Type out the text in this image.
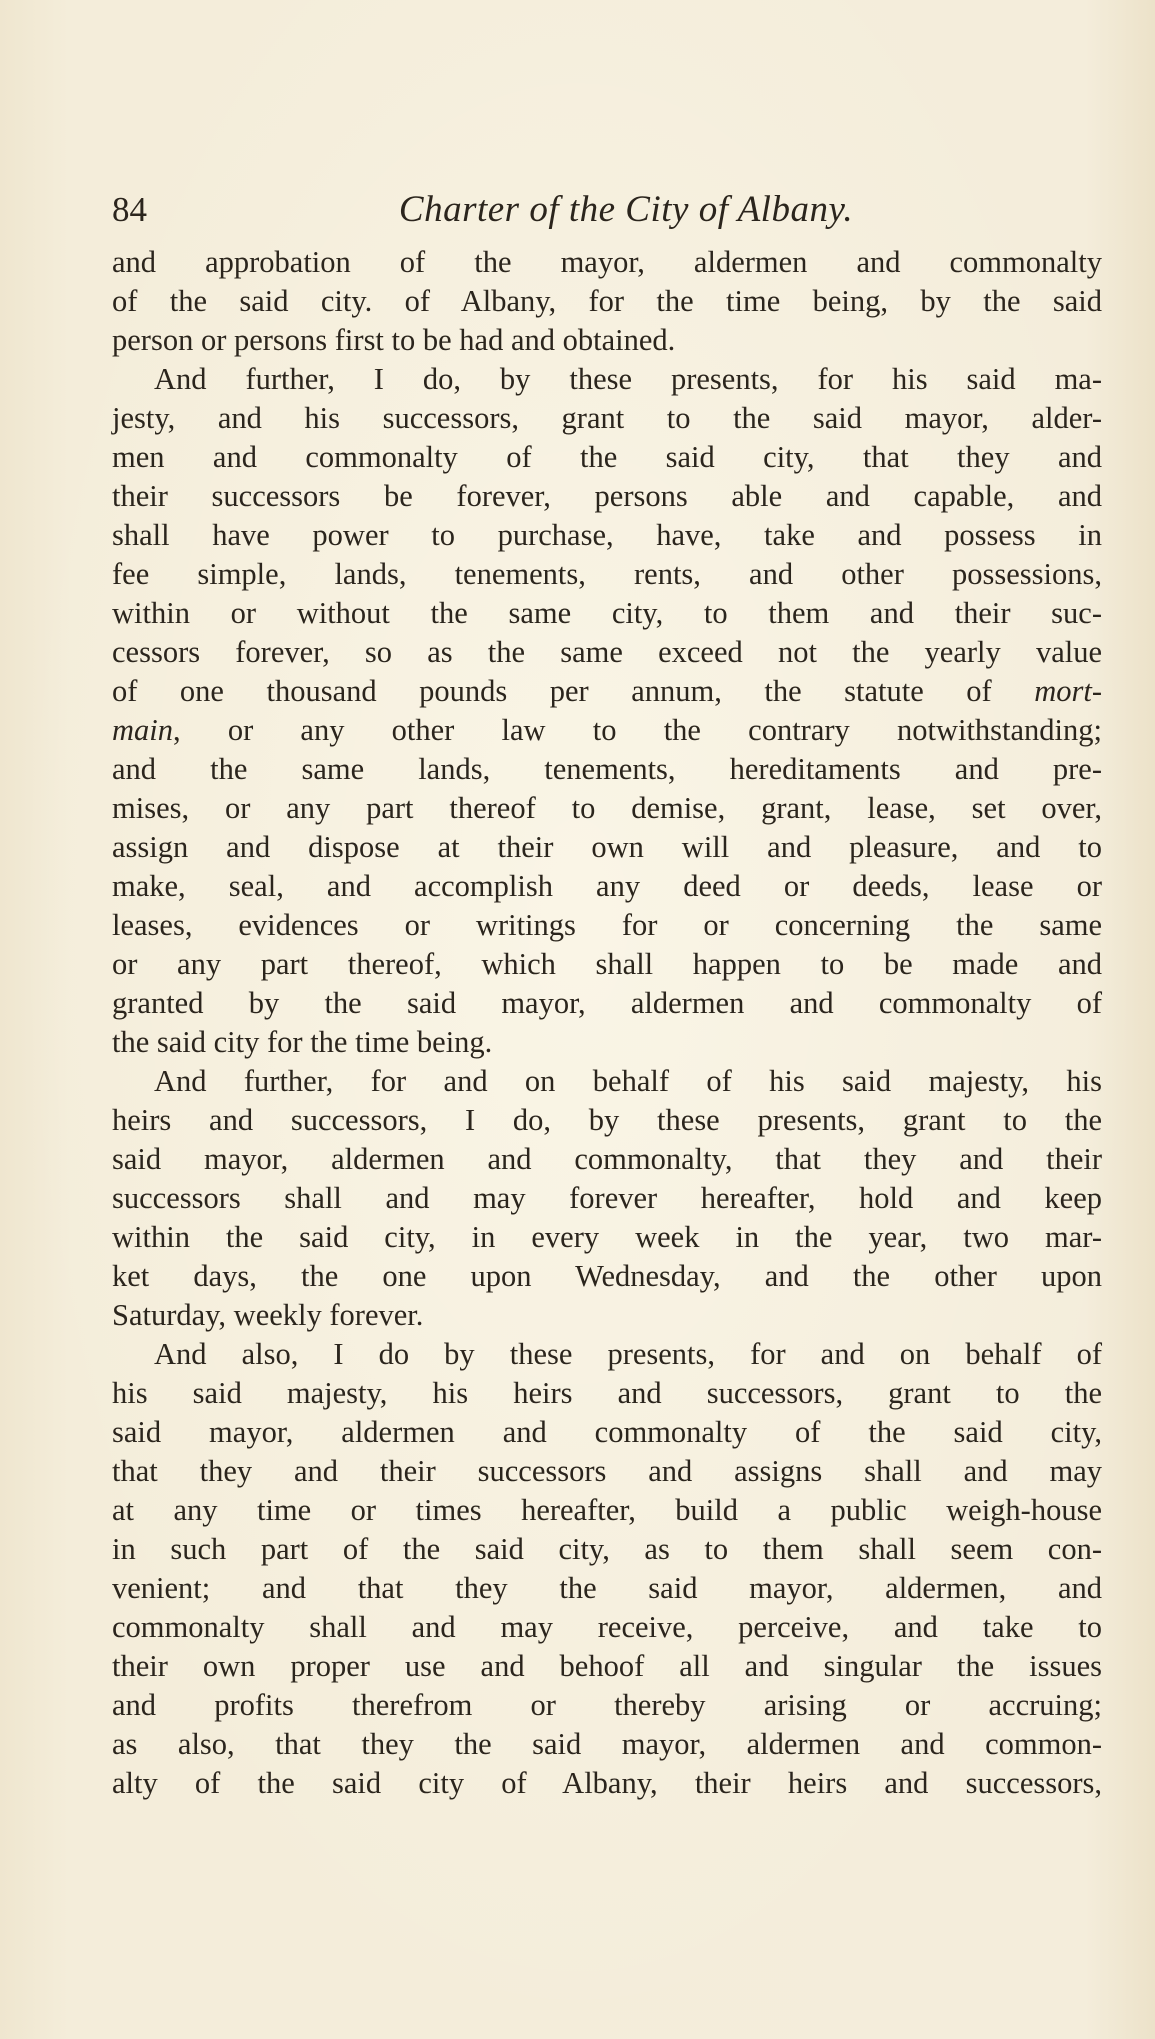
84	Charter of the City of Albany.
and approbation of the mayor, aldermen and commonalty
of the said city. of Albany, for the time being, by the said
person or persons first to be had and obtained.
And further, I do, by these presents, for his said ma-
jesty, and his successors, grant to the said mayor, alder-
men and commonalty of the said city, that they and
their successors be forever, persons able and capable, and
shall have power to purchase, have, take and possess in
fee simple, lands, tenements, rents, and other possessions,
within or without the same city, to them and their suc-
cessors forever, so as the same exceed not the yearly value
of one thousand pounds per annum, the statute of mort-
main, or any other law to the contrary notwithstanding;
and the same lands, tenements, hereditaments and pre-
mises, or any part thereof to demise, grant, lease, set over,
assign and dispose at their own will and pleasure, and to
make, seal, and accomplish any deed or deeds, lease or
leases, evidences or writings for or concerning the same
or any part thereof, which shall happen to be made and
granted by the said mayor, aldermen and commonalty of
the said city for the time being.
And further, for and on behalf of his said majesty, his
heirs and successors, I do, by these presents, grant to the
said mayor, aldermen and commonalty, that they and their
successors shall and may forever hereafter, hold and keep
within the said city, in every week in the year, two mar-
ket days, the one upon Wednesday, and the other upon
Saturday, weekly forever.
And also, I do by these presents, for and on behalf of
his said majesty, his heirs and successors, grant to the
said mayor, aldermen and commonalty of the said city,
that they and their successors and assigns shall and may
at any time or times hereafter, build a public weigh-house
in such part of the said city, as to them shall seem con-
venient; and that they the said mayor, aldermen, and
commonalty shall and may receive, perceive, and take to
their own proper use and behoof all and singular the issues
and profits therefrom or thereby arising or accruing;
as also, that they the said mayor, aldermen and common-
alty of the said city of Albany, their heirs and successors,
